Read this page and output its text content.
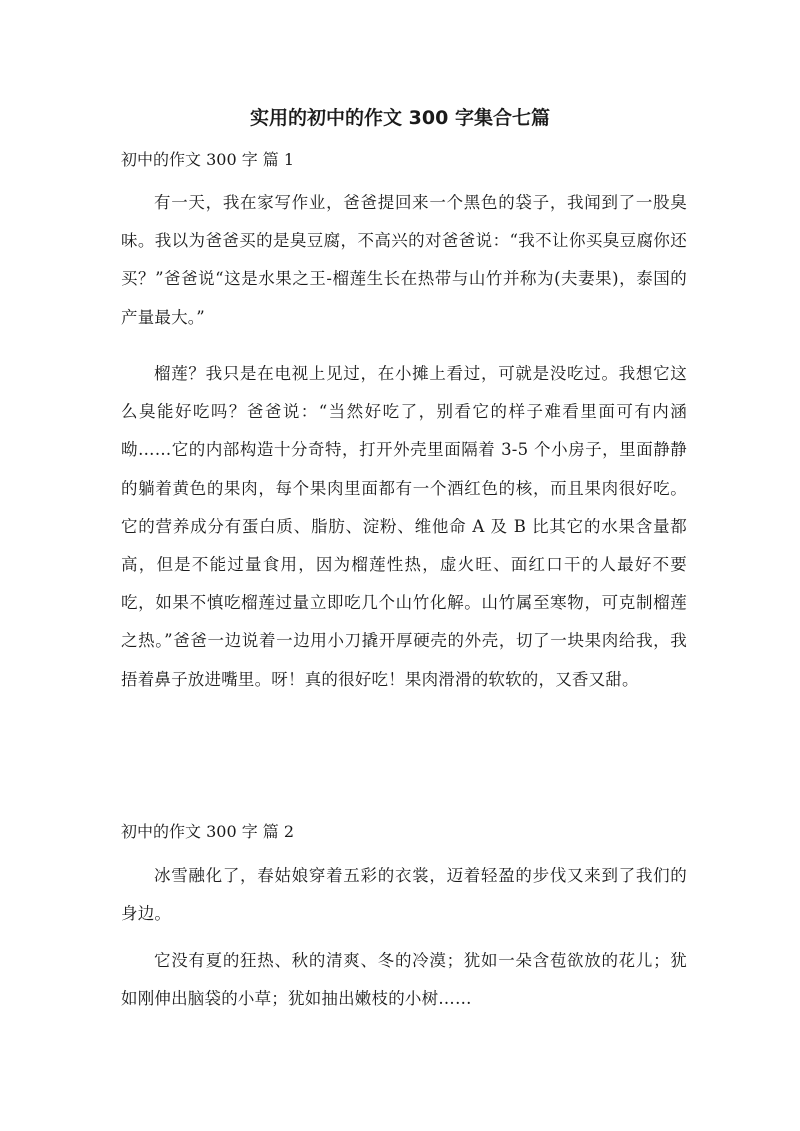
实用的初中的作文 300 字集合七篇

初中的作文 300 字 篇 1

有一天，我在家写作业，爸爸提回来一个黑色的袋子，我闻到了一股臭味。我以为爸爸买的是臭豆腐，不高兴的对爸爸说：“我不让你买臭豆腐你还买？”爸爸说“这是水果之王-榴莲生长在热带与山竹并称为(夫妻果)，泰国的产量最大。”

榴莲？我只是在电视上见过，在小摊上看过，可就是没吃过。我想它这么臭能好吃吗？爸爸说：“当然好吃了，别看它的样子难看里面可有内涵呦……它的内部构造十分奇特，打开外壳里面隔着 3-5 个小房子，里面静静的躺着黄色的果肉，每个果肉里面都有一个酒红色的核，而且果肉很好吃。它的营养成分有蛋白质、脂肪、淀粉、维他命 A 及 B 比其它的水果含量都高，但是不能过量食用，因为榴莲性热，虚火旺、面红口干的人最好不要吃，如果不慎吃榴莲过量立即吃几个山竹化解。山竹属至寒物，可克制榴莲之热。”爸爸一边说着一边用小刀撬开厚硬壳的外壳，切了一块果肉给我，我捂着鼻子放进嘴里。呀！真的很好吃！果肉滑滑的软软的，又香又甜。

初中的作文 300 字 篇 2

冰雪融化了，春姑娘穿着五彩的衣裳，迈着轻盈的步伐又来到了我们的身边。

它没有夏的狂热、秋的清爽、冬的冷漠；犹如一朵含苞欲放的花儿；犹如刚伸出脑袋的小草；犹如抽出嫩枝的小树……
